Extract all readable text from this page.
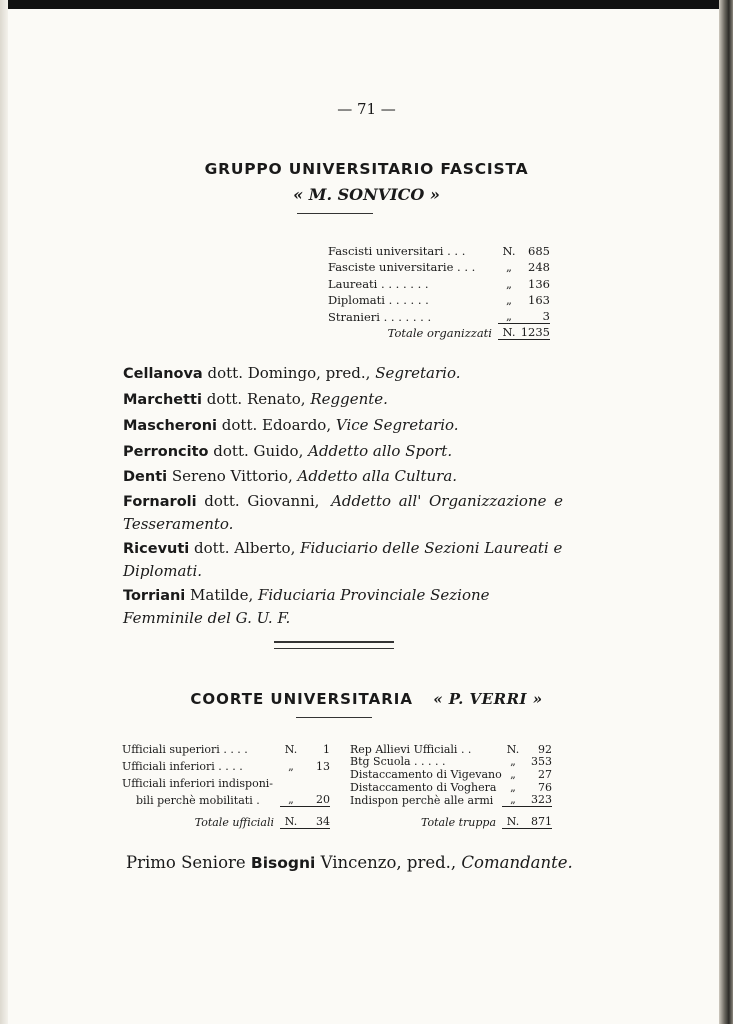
— 71 —
GRUPPO UNIVERSITARIO FASCISTA
« M. SONVICO »
Fascisti universitari . . .	N.	685
Fasciste universitarie . . .	„	248
Laureati . . . . . . .	„	136
Diplomati . . . . . .	„	163
Stranieri . . . . . . .	„	3
Totale organizzati N. 1235
Cellanova dott. Domingo, pred., Segretario.
Marchetti dott. Renato, Reggente.
Mascheroni dott. Edoardo, Vice Segretario.
Perroncito dott. Guido, Addetto allo Sport.
Denti Sereno Vittorio, Addetto alla Cultura.
Fornaroli dott. Giovanni, Addetto all' Organizzazione e Tesseramento.
Ricevuti dott. Alberto, Fiduciario delle Sezioni Laureati e Diplomati.
Torriani Matilde, Fiduciaria Provinciale Sezione Femminile del G. U. F.
COORTE UNIVERSITARIA « P. VERRI »
Ufficiali superiori . . . .	N.	1
Ufficiali inferiori . . . .	„	13
Ufficiali inferiori indisponi-
bili perchè mobilitati .	„	20
Totale ufficiali N.	34
Rep Allievi Ufficiali . .	N.	92
Btg Scuola . . . . .	„	353
Distaccamento di Vigevano „	27
Distaccamento di Voghera	„	76
Indispon perchè alle armi	„	323
Totale truppa N.	871
Primo Seniore Bisogni Vincenzo, pred., Comandante.
